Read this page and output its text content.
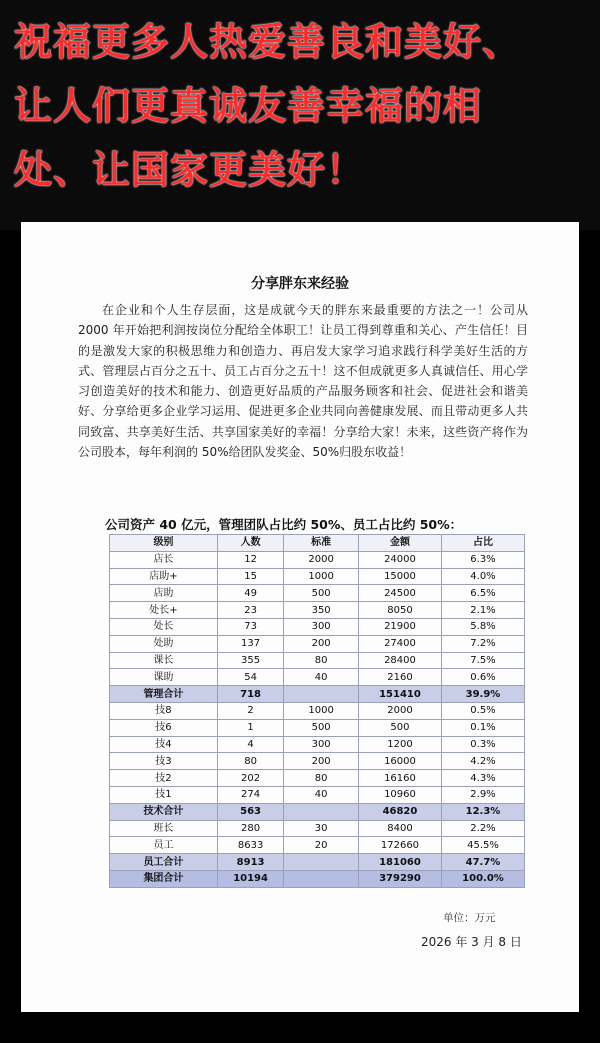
祝福更多人热爱善良和美好、
让人们更真诚友善幸福的相
处、让国家更美好！
分享胖东来经验

在企业和个人生存层面，这是成就今天的胖东来最重要的方法之一！公司从 2000 年开始把利润按岗位分配给全体职工！让员工得到尊重和关心、产生信任！目的是激发大家的积极思维力和创造力、再启发大家学习追求践行科学美好生活的方式、管理层占百分之五十、员工占百分之五十！这不但成就更多人真诚信任、用心学习创造美好的技术和能力、创造更好品质的产品服务顾客和社会、促进社会和谐美好、分享给更多企业学习运用、促进更多企业共同向善健康发展、而且带动更多人共同致富、共享美好生活、共享国家美好的幸福！分享给大家！未来，这些资产将作为公司股本，每年利润的 50%给团队发奖金、50%归股东收益！

公司资产 40 亿元，管理团队占比约 50%、员工占比约 50%：
级别	人数	标准	金额	占比
店长	12	2000	24000	6.3%
店助+	15	1000	15000	4.0%
店助	49	500	24500	6.5%
处长+	23	350	8050	2.1%
处长	73	300	21900	5.8%
处助	137	200	27400	7.2%
课长	355	80	28400	7.5%
课助	54	40	2160	0.6%
管理合计	718		151410	39.9%
技8	2	1000	2000	0.5%
技6	1	500	500	0.1%
技4	4	300	1200	0.3%
技3	80	200	16000	4.2%
技2	202	80	16160	4.3%
技1	274	40	10960	2.9%
技术合计	563		46820	12.3%
班长	280	30	8400	2.2%
员工	8633	20	172660	45.5%
员工合计	8913		181060	47.7%
集团合计	10194		379290	100.0%
单位：万元
2026 年 3 月 8 日
